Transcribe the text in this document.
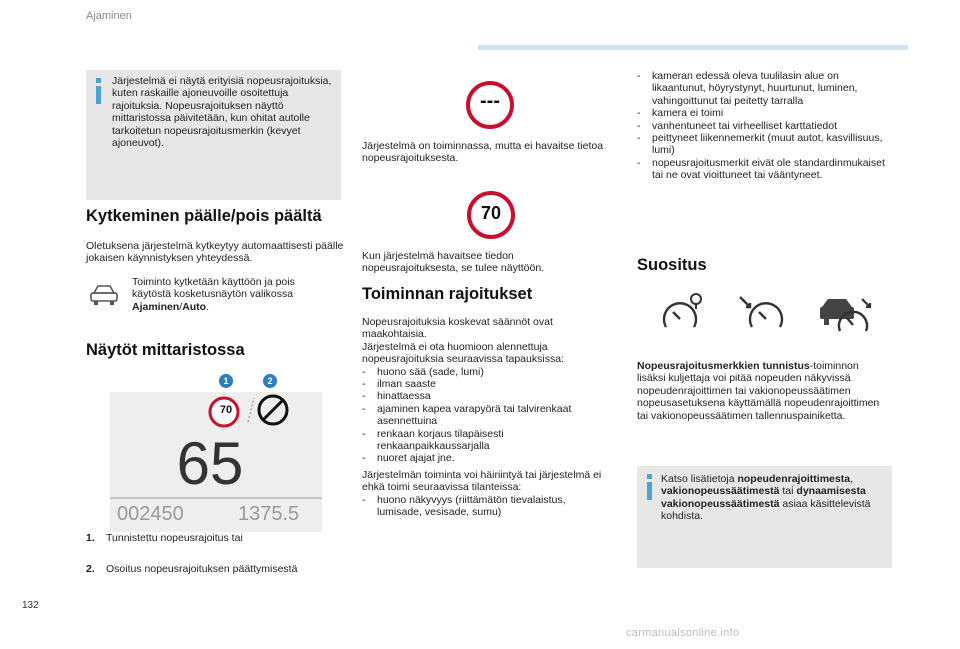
Ajaminen
Järjestelmä ei näytä erityisiä nopeusrajoituksia, kuten raskaille ajoneuvoille osoitettuja rajoituksia. Nopeusrajoituksen näyttö mittaristossa päivitetään, kun ohitat autolle tarkoitetun nopeusrajoitusmerkin (kevyet ajoneuvot).
Kytkeminen päälle/pois päältä
Oletuksena järjestelmä kytkeytyy automaattisesti päälle jokaisen käynnistyksen yhteydessä.
Toiminto kytketään käyttöön ja pois käytöstä kosketusnäytön valikossa Ajaminen/Auto.
Näytöt mittaristossa
1	2
70
65
002450	1375.5
1. Tunnistettu nopeusrajoitus tai
2. Osoitus nopeusrajoituksen päättymisestä
---
Järjestelmä on toiminnassa, mutta ei havaitse tietoa nopeusrajoituksesta.
70
Kun järjestelmä havaitsee tiedon nopeusrajoituksesta, se tulee näyttöön.
Toiminnan rajoitukset
Nopeusrajoituksia koskevat säännöt ovat maakohtaisia.
Järjestelmä ei ota huomioon alennettuja nopeusrajoituksia seuraavissa tapauksissa:
- huono sää (sade, lumi)
- ilman saaste
- hinattaessa
- ajaminen kapea varapyörä tai talvirenkaat asennettuina
- renkaan korjaus tilapäisesti renkaanpaikkaussarjalla
- nuoret ajajat jne.
Järjestelmän toiminta voi häiriintyä tai järjestelmä ei ehkä toimi seuraavissa tilanteissa:
- huono näkyvyys (riittämätön tievalaistus, lumisade, vesisade, sumu)
- kameran edessä oleva tuulilasin alue on likaantunut, höyrystynyt, huurtunut, luminen, vahingoittunut tai peitetty tarralla
- kamera ei toimi
- vanhentuneet tai virheelliset karttatiedot
- peittyneet liikennemerkit (muut autot, kasvillisuus, lumi)
- nopeusrajoitusmerkit eivät ole standardinmukaiset tai ne ovat vioittuneet tai vääntyneet.
Suositus
Nopeusrajoitusmerkkien tunnistus-toiminnon lisäksi kuljettaja voi pitää nopeuden näkyvissä nopeudenrajoittimen tai vakionopeussäätimen nopeusasetuksena käyttämällä nopeudenrajoittimen tai vakionopeussäätimen tallennuspainiketta.
Katso lisätietoja nopeudenrajoittimesta, vakionopeussäätimestä tai dynaamisesta vakionopeussäätimestä asiaa käsittelevistä kohdista.
132
carmanualsonline.info
